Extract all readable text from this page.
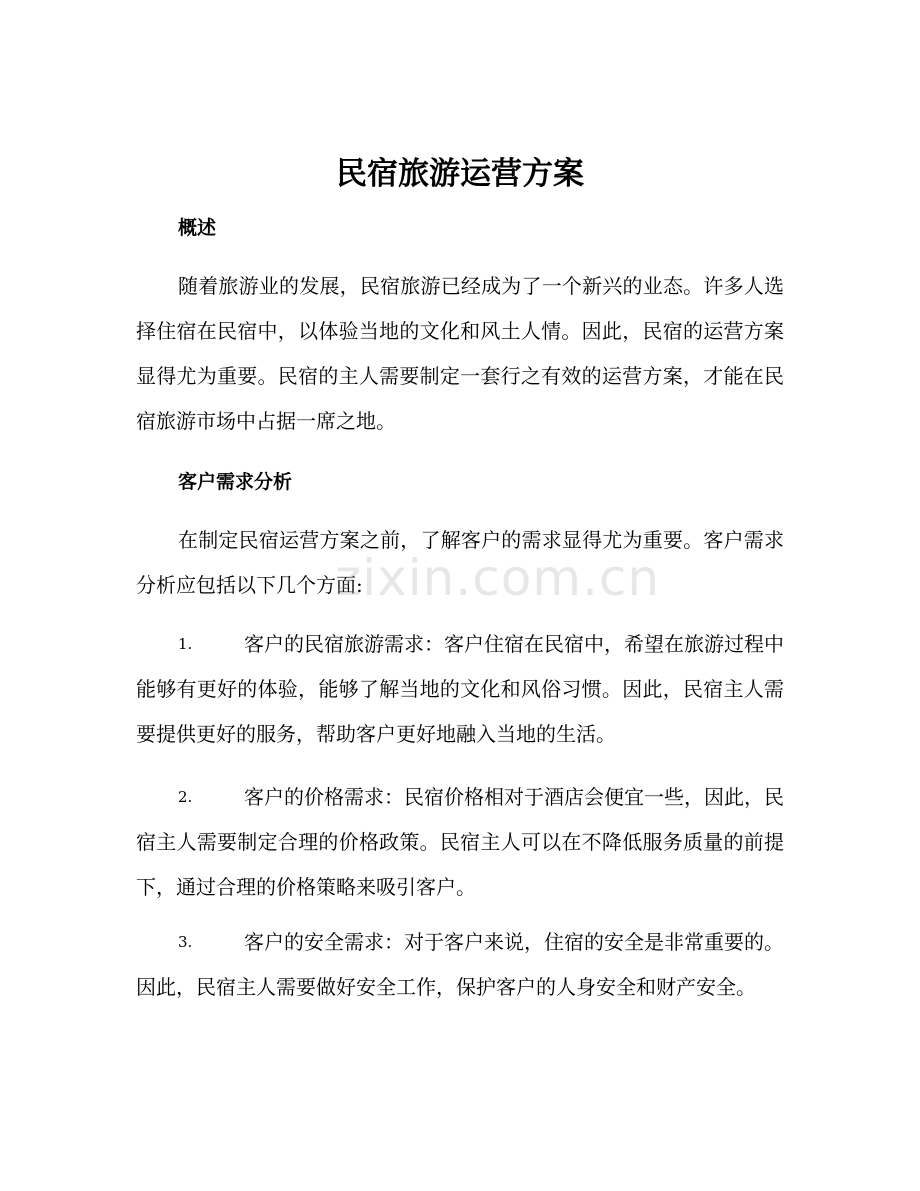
民宿旅游运营方案
概述
随着旅游业的发展，民宿旅游已经成为了一个新兴的业态。许多人选择住宿在民宿中，以体验当地的文化和风土人情。因此，民宿的运营方案显得尤为重要。民宿的主人需要制定一套行之有效的运营方案，才能在民宿旅游市场中占据一席之地。
客户需求分析
在制定民宿运营方案之前，了解客户的需求显得尤为重要。客户需求分析应包括以下几个方面:
1.	客户的民宿旅游需求：客户住宿在民宿中，希望在旅游过程中能够有更好的体验，能够了解当地的文化和风俗习惯。因此，民宿主人需要提供更好的服务，帮助客户更好地融入当地的生活。
2.	客户的价格需求：民宿价格相对于酒店会便宜一些，因此，民宿主人需要制定合理的价格政策。民宿主人可以在不降低服务质量的前提下，通过合理的价格策略来吸引客户。
3.	客户的安全需求：对于客户来说，住宿的安全是非常重要的。因此，民宿主人需要做好安全工作，保护客户的人身安全和财产安全。
zixin.com.cn
